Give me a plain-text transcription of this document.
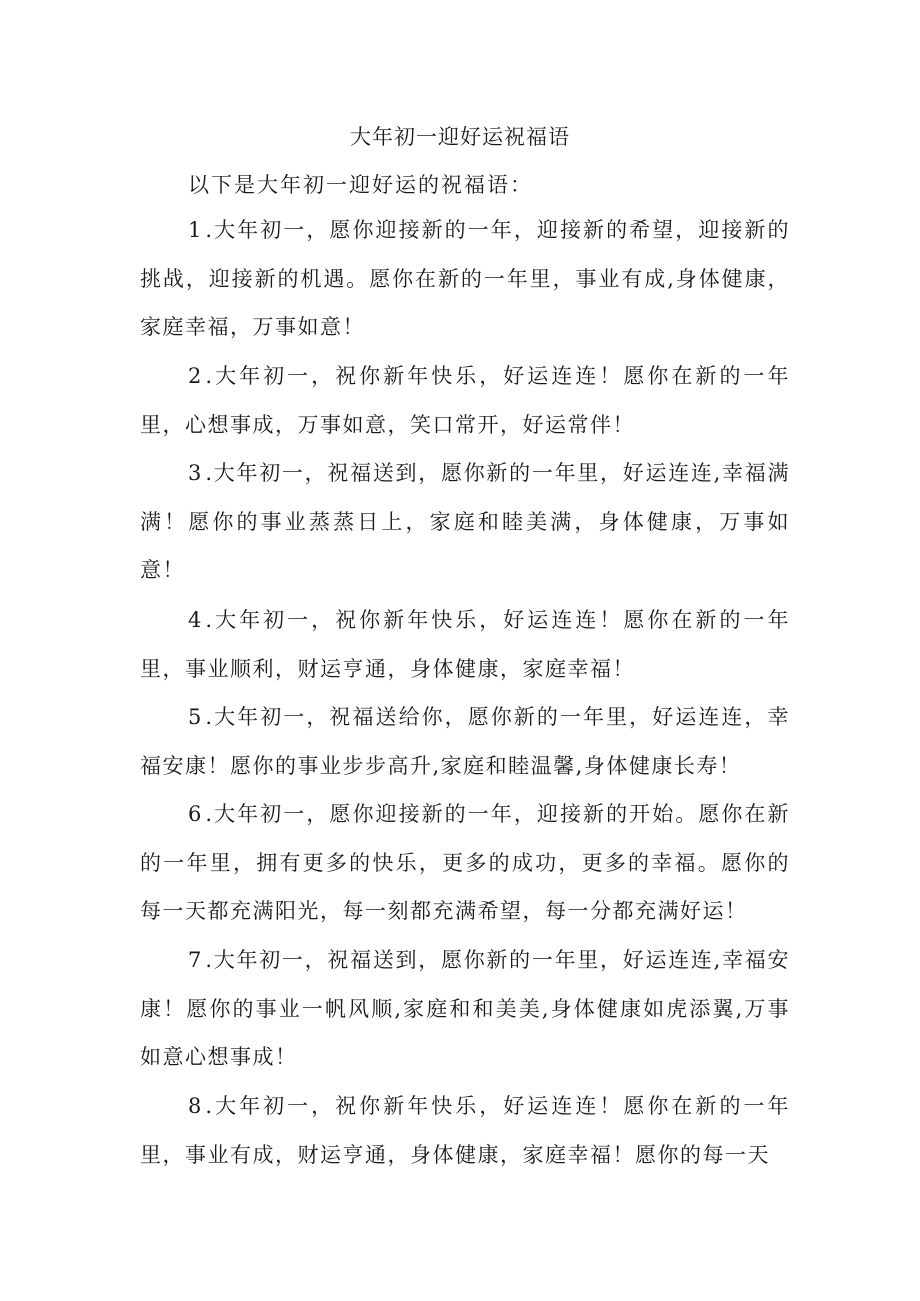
大年初一迎好运祝福语
以下是大年初一迎好运的祝福语：

1.大年初一，愿你迎接新的一年，迎接新的希望，迎接新的挑战，迎接新的机遇。愿你在新的一年里，事业有成,身体健康，家庭幸福，万事如意！

2.大年初一，祝你新年快乐，好运连连！愿你在新的一年里，心想事成，万事如意，笑口常开，好运常伴！

3.大年初一，祝福送到，愿你新的一年里，好运连连,幸福满满！愿你的事业蒸蒸日上，家庭和睦美满，身体健康，万事如意！

4.大年初一，祝你新年快乐，好运连连！愿你在新的一年里，事业顺利，财运亨通，身体健康，家庭幸福！

5.大年初一，祝福送给你，愿你新的一年里，好运连连，幸福安康！愿你的事业步步高升,家庭和睦温馨,身体健康长寿！

6.大年初一，愿你迎接新的一年，迎接新的开始。愿你在新的一年里，拥有更多的快乐，更多的成功，更多的幸福。愿你的每一天都充满阳光，每一刻都充满希望，每一分都充满好运！

7.大年初一，祝福送到，愿你新的一年里，好运连连,幸福安康！愿你的事业一帆风顺,家庭和和美美,身体健康如虎添翼,万事如意心想事成！

8.大年初一，祝你新年快乐，好运连连！愿你在新的一年里，事业有成，财运亨通，身体健康，家庭幸福！愿你的每一天
